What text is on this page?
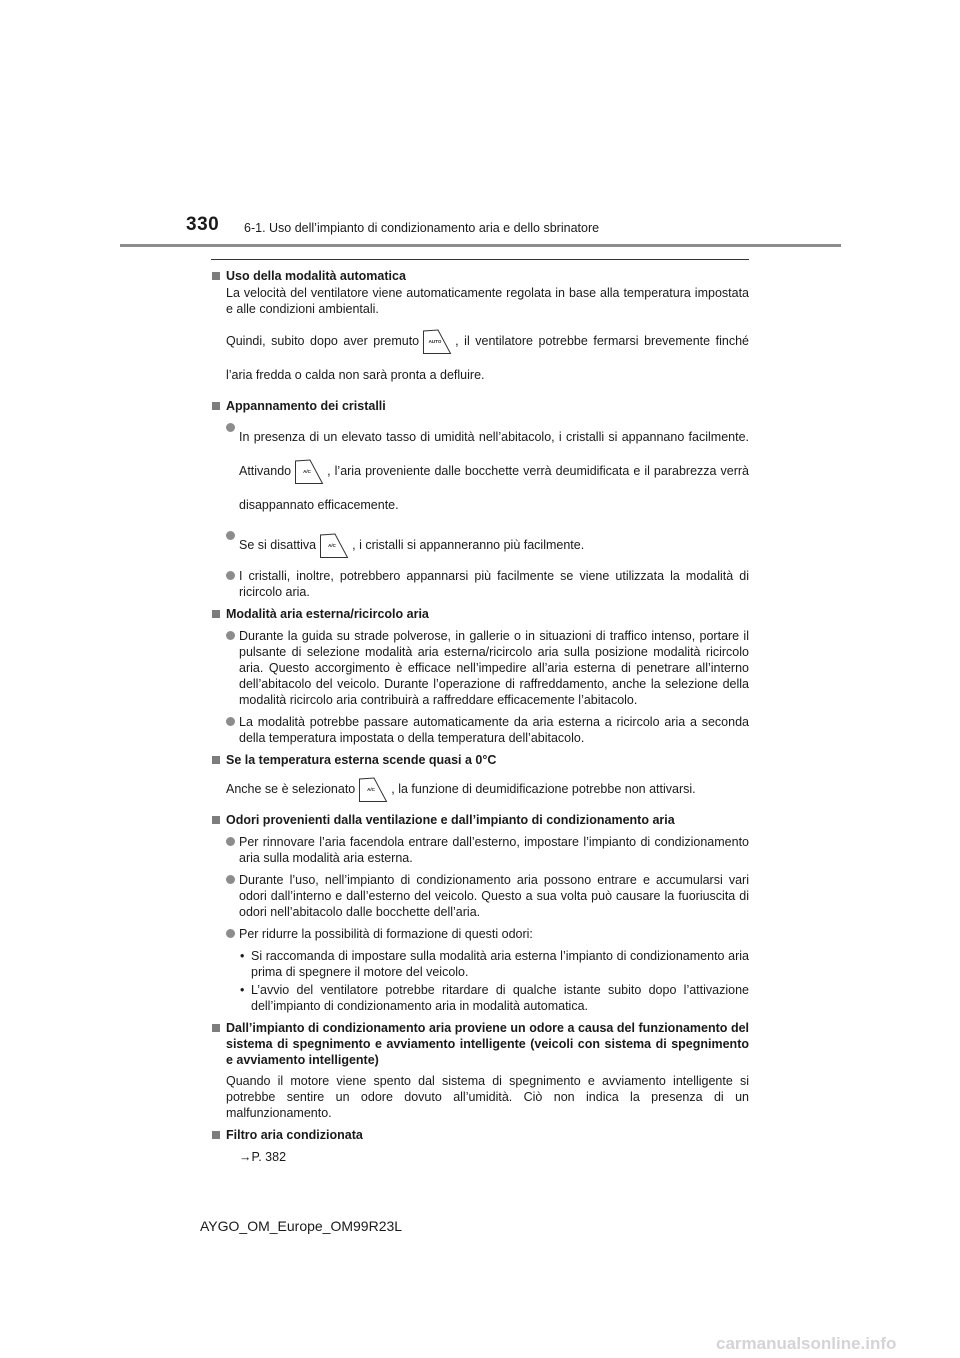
330 6-1. Uso dell’impianto di condizionamento aria e dello sbrinatore
Uso della modalità automatica
La velocità del ventilatore viene automaticamente regolata in base alla temperatura impostata e alle condizioni ambientali.
Quindi, subito dopo aver premuto AUTO , il ventilatore potrebbe fermarsi brevemente finché l’aria fredda o calda non sarà pronta a defluire.
Appannamento dei cristalli
In presenza di un elevato tasso di umidità nell’abitacolo, i cristalli si appannano facilmente. Attivando	A/C , l’aria proveniente dalle bocchette verrà deumidificata e il parabrezza verrà disappannato efficacemente.
Se si disattiva	A/C , i cristalli si appanneranno più facilmente.
I cristalli, inoltre, potrebbero appannarsi più facilmente se viene utilizzata la modalità di ricircolo aria.
Modalità aria esterna/ricircolo aria
Durante la guida su strade polverose, in gallerie o in situazioni di traffico intenso, portare il pulsante di selezione modalità aria esterna/ricircolo aria sulla posizione modalità ricircolo aria. Questo accorgimento è efficace nell’impedire all’aria esterna di penetrare all’interno dell’abitacolo del veicolo. Durante l’operazione di raffreddamento, anche la selezione della modalità ricircolo aria contribuirà a raffreddare efficacemente l’abitacolo.
La modalità potrebbe passare automaticamente da aria esterna a ricircolo aria a seconda della temperatura impostata o della temperatura dell’abitacolo.
Se la temperatura esterna scende quasi a 0°C
Anche se è selezionato	A/C , la funzione di deumidificazione potrebbe non attivarsi.
Odori provenienti dalla ventilazione e dall’impianto di condizionamento aria
Per rinnovare l’aria facendola entrare dall’esterno, impostare l’impianto di condizionamento aria sulla modalità aria esterna.
Durante l’uso, nell’impianto di condizionamento aria possono entrare e accumularsi vari odori dall’interno e dall’esterno del veicolo. Questo a sua volta può causare la fuoriuscita di odori nell’abitacolo dalle bocchette dell’aria.
Per ridurre la possibilità di formazione di questi odori:
• Si raccomanda di impostare sulla modalità aria esterna l’impianto di condizionamento aria prima di spegnere il motore del veicolo.
• L’avvio del ventilatore potrebbe ritardare di qualche istante subito dopo l’attivazione dell’impianto di condizionamento aria in modalità automatica.
Dall’impianto di condizionamento aria proviene un odore a causa del funzionamento del sistema di spegnimento e avviamento intelligente (veicoli con sistema di spegnimento e avviamento intelligente)
Quando il motore viene spento dal sistema di spegnimento e avviamento intelligente si potrebbe sentire un odore dovuto all’umidità. Ciò non indica la presenza di un malfunzionamento.
Filtro aria condizionata
→P. 382
AYGO_OM_Europe_OM99R23L
carmanualsonline.info
